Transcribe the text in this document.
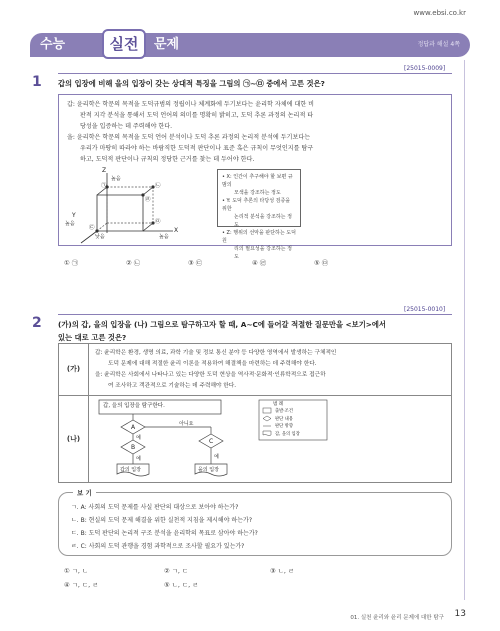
www.ebsi.co.kr
수능	실전	문제	정답과 해설 4쪽
[25015-0009]
1 갑의 입장에 비해 을의 입장이 갖는 상대적 특징을 그림의 ㉠~㉤ 중에서 고른 것은?
갑: 윤리학은 학문의 목적을 도덕규범의 정립이나 체계화에 두기보다는 윤리학 자체에 대한 비
판적 지각 분석을 통해서 도덕 언어의 의미를 명확히 밝히고, 도덕 추론 과정의 논리적 타
당성을 입증하는 데 주력해야 한다.
을: 윤리학은 학문의 목적을 도덕 언어 분석이나 도덕 추론 과정의 논리적 분석에 두기보다는
우리가 마땅히 따라야 하는 바람직한 도덕적 판단이나 표준 혹은 규칙이 무엇인지를 탐구
하고, 도덕적 판단이나 규칙의 정당한 근거를 찾는 데 두어야 한다.
Z
높음
Y
높음
X
높음
낮음
㉠	㉡
㉢
㉣
㉤
• X: 인간이 추구해야 할 보편 규범의
모색을 강조하는 정도
• Y: 도덕 추론의 타당성 검증을 위한
논리적 분석을 강조하는 정도
• Z: 행위의 선악을 판단하는 도덕 원
리의 필요성을 강조하는 정도
① ㉠	② ㉡	③ ㉢	④ ㉣	⑤ ㉤
[25015-0010]
2 (가)의 갑, 을의 입장을 (나) 그림으로 탐구하고자 할 때, A~C에 들어갈 적절한 질문만을 <보기>에서
있는 대로 고른 것은?
(가)
갑: 윤리학은 환경, 생명 의료, 과학 기술 및 정보 통신 분야 등 다양한 영역에서 발생하는 구체적인
도덕 문제에 대해 적절한 윤리 이론을 적용하여 해결책을 마련하는 데 주력해야 한다.
을: 윤리학은 사회에서 나타나고 있는 다양한 도덕 현상을 역사적·문화적·인류학적으로 접근하
여 조사하고 객관적으로 기술하는 데 주력해야 한다.
(나)
갑, 을의 입장을 탐구한다.
A
B
C
아니요
예
예	예
갑의 입장	을의 입장
범 례
출발·조건
판단 내용
판단 방향
갑, 을의 입장
보 기
ㄱ. A: 사회의 도덕 문제를 사실 판단의 대상으로 보아야 하는가?
ㄴ. B: 현실의 도덕 문제 해결을 위한 실천적 지침을 제시해야 하는가?
ㄷ. B: 도덕 판단의 논리적 구조 분석을 윤리학의 목표로 삼아야 하는가?
ㄹ. C: 사회의 도덕 관행을 경험 과학적으로 조사할 필요가 있는가?
① ㄱ, ㄴ	② ㄱ, ㄷ	③ ㄴ, ㄹ
④ ㄱ, ㄷ, ㄹ	⑤ ㄴ, ㄷ, ㄹ
01. 실천 윤리와 윤리 문제에 대한 탐구 13
